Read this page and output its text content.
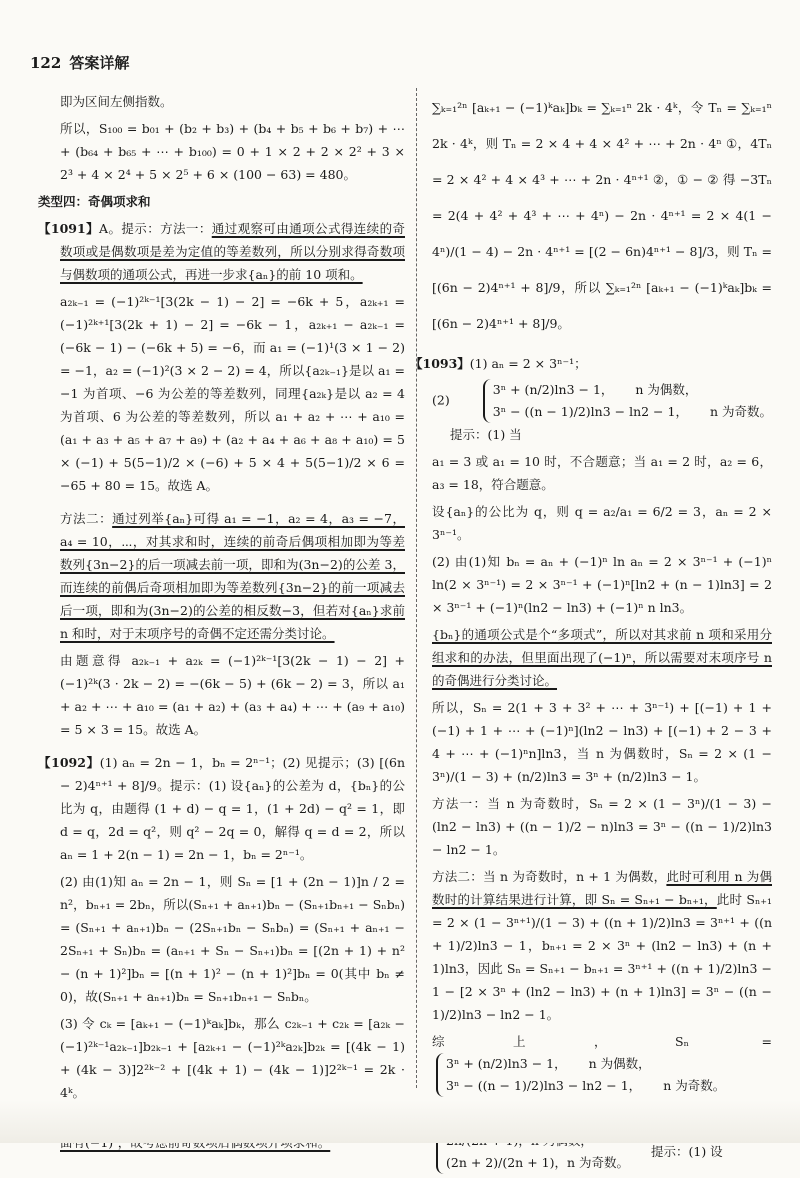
122 答案详解

即为区间左侧指数。

所以，S₁₀₀ = b₀₁ + (b₂ + b₃) + (b₄ + b₅ + b₆ + b₇) + ⋯ + (b₆₄ + b₆₅ + ⋯ + b₁₀₀) = 0 + 1 × 2 + 2 × 2² + 3 × 2³ + 4 × 2⁴ + 5 × 2⁵ + 6 × (100 − 63) = 480。

类型四：奇偶项求和

【1091】A。提示：方法一：通过观察可由通项公式得连续的奇数项或是偶数项是差为定值的等差数列，所以分别求得奇数项与偶数项的通项公式，再进一步求{aₙ}的前 10 项和。

a₂ₖ₋₁ = (−1)²ᵏ⁻¹[3(2k − 1) − 2] = −6k + 5，a₂ₖ₊₁ = (−1)²ᵏ⁺¹[3(2k + 1) − 2] = −6k − 1，a₂ₖ₊₁ − a₂ₖ₋₁ = (−6k − 1) − (−6k + 5) = −6，而 a₁ = (−1)¹(3 × 1 − 2) = −1，a₂ = (−1)²(3 × 2 − 2) = 4，所以{a₂ₖ₋₁}是以 a₁ = −1 为首项、−6 为公差的等差数列，同理{a₂ₖ}是以 a₂ = 4 为首项、6 为公差的等差数列，所以 a₁ + a₂ + ⋯ + a₁₀ = (a₁ + a₃ + a₅ + a₇ + a₉) + (a₂ + a₄ + a₆ + a₈ + a₁₀) = 5 × (−1) + 5(5−1)/2 × (−6) + 5 × 4 + 5(5−1)/2 × 6 = −65 + 80 = 15。故选 A。

方法二：通过列举{aₙ}可得 a₁ = −1，a₂ = 4，a₃ = −7，a₄ = 10，⋯，对其求和时，连续的前奇后偶项相加即为等差数列{3n−2}的后一项减去前一项，即和为(3n−2)的公差 3，而连续的前偶后奇项相加即为等差数列{3n−2}的前一项减去后一项，即和为(3n−2)的公差的相反数−3，但若对{aₙ}求前 n 和时，对于末项序号的奇偶不定还需分类讨论。

由题意得 a₂ₖ₋₁ + a₂ₖ = (−1)²ᵏ⁻¹[3(2k − 1) − 2] + (−1)²ᵏ(3 · 2k − 2) = −(6k − 5) + (6k − 2) = 3，所以 a₁ + a₂ + ⋯ + a₁₀ = (a₁ + a₂) + (a₃ + a₄) + ⋯ + (a₉ + a₁₀) = 5 × 3 = 15。故选 A。

【1092】(1) aₙ = 2n − 1，bₙ = 2ⁿ⁻¹；(2) 见提示；(3) [(6n − 2)4ⁿ⁺¹ + 8]/9。提示：(1) 设{aₙ}的公差为 d，{bₙ}的公比为 q，由题得 (1 + d) − q = 1，(1 + 2d) − q² = 1，即 d = q，2d = q²，则 q² − 2q = 0，解得 q = d = 2，所以 aₙ = 1 + 2(n − 1) = 2n − 1，bₙ = 2ⁿ⁻¹。

(2) 由(1)知 aₙ = 2n − 1，则 Sₙ = [1 + (2n − 1)]n / 2 = n²，bₙ₊₁ = 2bₙ，所以(Sₙ₊₁ + aₙ₊₁)bₙ − (Sₙ₊₁bₙ₊₁ − Sₙbₙ) = (Sₙ₊₁ + aₙ₊₁)bₙ − (2Sₙ₊₁bₙ − Sₙbₙ) = (Sₙ₊₁ + aₙ₊₁ − 2Sₙ₊₁ + Sₙ)bₙ = (aₙ₊₁ + Sₙ − Sₙ₊₁)bₙ = [(2n + 1) + n² − (n + 1)²]bₙ = [(n + 1)² − (n + 1)²]bₙ = 0(其中 bₙ ≠ 0)，故(Sₙ₊₁ + aₙ₊₁)bₙ = Sₙ₊₁bₙ₊₁ − Sₙbₙ。

(3) 令 cₖ = [aₖ₊₁ − (−1)ᵏaₖ]bₖ，那么 c₂ₖ₋₁ + c₂ₖ = [a₂ₖ − (−1)²ᵏ⁻¹a₂ₖ₋₁]b₂ₖ₋₁ + [a₂ₖ₊₁ − (−1)²ᵏa₂ₖ]b₂ₖ = [(4k − 1) + (4k − 3)]2²ᵏ⁻² + [(4k + 1) − (4k − 1)]2²ᵏ⁻¹ = 2k · 4ᵏ。

∑ₖ₌₁²ⁿ [aₖ₊₁ − (−1)ᵏaₖ]bₖ = ∑ₖ₌₁ⁿ 2k · 4ᵏ，令 Tₙ = ∑ₖ₌₁ⁿ 2k · 4ᵏ，则 Tₙ = 2 × 4 + 4 × 4² + ⋯ + 2n · 4ⁿ ①，4Tₙ = 2 × 4² + 4 × 4³ + ⋯ + 2n · 4ⁿ⁺¹ ②，① − ② 得 −3Tₙ = 2(4 + 4² + 4³ + ⋯ + 4ⁿ) − 2n · 4ⁿ⁺¹ = 2 × 4(1 − 4ⁿ)/(1 − 4) − 2n · 4ⁿ⁺¹ = [(2 − 6n)4ⁿ⁺¹ − 8]/3，则 Tₙ = [(6n − 2)4ⁿ⁺¹ + 8]/9，所以 ∑ₖ₌₁²ⁿ [aₖ₊₁ − (−1)ᵏaₖ]bₖ = [(6n − 2)4ⁿ⁺¹ + 8]/9。

【1093】(1) aₙ = 2 × 3ⁿ⁻¹；

(2)
3ⁿ + (n/2)ln3 − 1， n 为偶数，
3ⁿ − ((n − 1)/2)ln3 − ln2 − 1， n 为奇数。
提示：(1) 当

a₁ = 3 或 a₁ = 10 时，不合题意；当 a₁ = 2 时，a₂ = 6，a₃ = 18，符合题意。

设{aₙ}的公比为 q，则 q = a₂/a₁ = 6/2 = 3，aₙ = 2 × 3ⁿ⁻¹。

(2) 由(1)知 bₙ = aₙ + (−1)ⁿ ln aₙ = 2 × 3ⁿ⁻¹ + (−1)ⁿ ln(2 × 3ⁿ⁻¹) = 2 × 3ⁿ⁻¹ + (−1)ⁿ[ln2 + (n − 1)ln3] = 2 × 3ⁿ⁻¹ + (−1)ⁿ(ln2 − ln3) + (−1)ⁿ n ln3。

{bₙ}的通项公式是个“多项式”，所以对其求前 n 项和采用分组求和的办法，但里面出现了(−1)ⁿ，所以需要对末项序号 n 的奇偶进行分类讨论。

所以，Sₙ = 2(1 + 3 + 3² + ⋯ + 3ⁿ⁻¹) + [(−1) + 1 + (−1) + 1 + ⋯ + (−1)ⁿ](ln2 − ln3) + [(−1) + 2 − 3 + 4 + ⋯ + (−1)ⁿn]ln3，当 n 为偶数时，Sₙ = 2 × (1 − 3ⁿ)/(1 − 3) + (n/2)ln3 = 3ⁿ + (n/2)ln3 − 1。

方法一：当 n 为奇数时，Sₙ = 2 × (1 − 3ⁿ)/(1 − 3) − (ln2 − ln3) + ((n − 1)/2 − n)ln3 = 3ⁿ − ((n − 1)/2)ln3 − ln2 − 1。

方法二：当 n 为奇数时，n + 1 为偶数，此时可利用 n 为偶数时的计算结果进行计算，即 Sₙ = Sₙ₊₁ − bₙ₊₁，此时 Sₙ₊₁ = 2 × (1 − 3ⁿ⁺¹)/(1 − 3) + ((n + 1)/2)ln3 = 3ⁿ⁺¹ + ((n + 1)/2)ln3 − 1，bₙ₊₁ = 2 × 3ⁿ + (ln2 − ln3) + (n + 1)ln3，因此 Sₙ = Sₙ₊₁ − bₙ₊₁ = 3ⁿ⁺¹ + ((n + 1)/2)ln3 − 1 − [2 × 3ⁿ + (ln2 − ln3) + (n + 1)ln3] = 3ⁿ − ((n − 1)/2)ln3 − ln2 − 1。

综上，Sₙ =
3ⁿ + (n/2)ln3 − 1， n 为偶数，
3ⁿ − ((n − 1)/2)ln3 − ln2 − 1， n 为奇数。
(2n + 2)/(2n + 1)，n 为奇数。
提示：(1) 设
